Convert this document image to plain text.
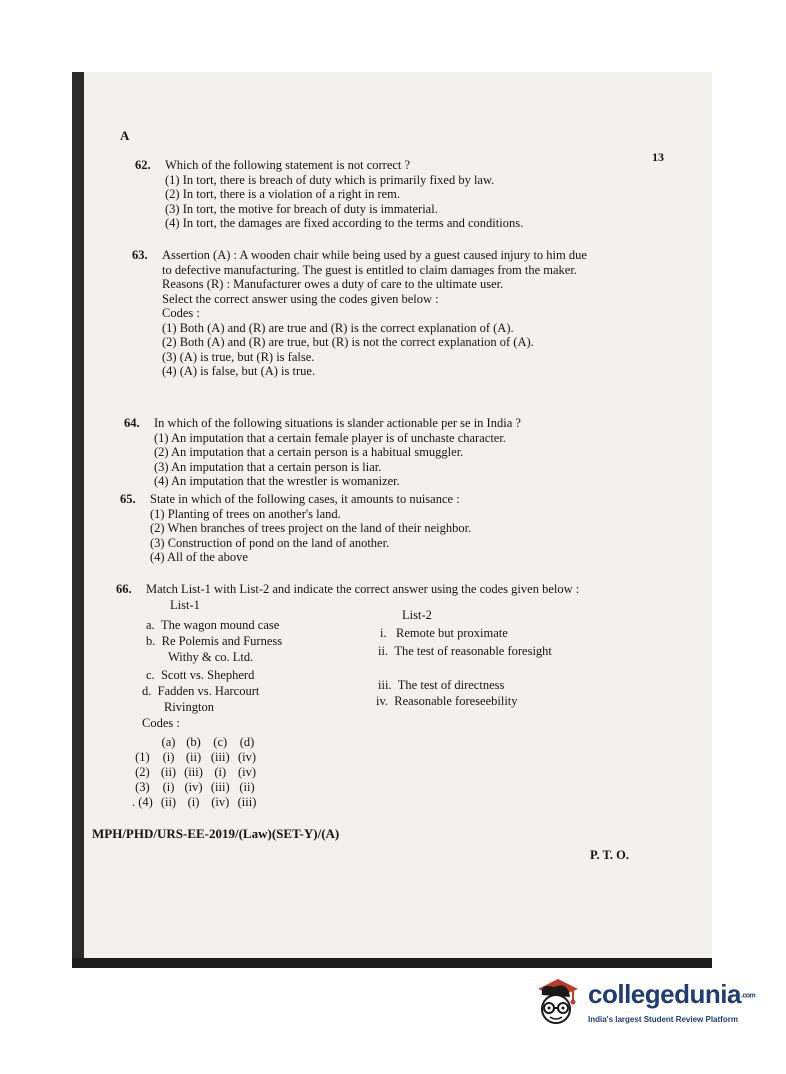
A
13
62. Which of the following statement is not correct ?
(1) In tort, there is breach of duty which is primarily fixed by law.
(2) In tort, there is a violation of a right in rem.
(3) In tort, the motive for breach of duty is immaterial.
(4) In tort, the damages are fixed according to the terms and conditions.
63. Assertion (A) : A wooden chair while being used by a guest caused injury to him due
to defective manufacturing. The guest is entitled to claim damages from the maker.
Reasons (R) : Manufacturer owes a duty of care to the ultimate user.
Select the correct answer using the codes given below :
Codes :
(1) Both (A) and (R) are true and (R) is the correct explanation of (A).
(2) Both (A) and (R) are true, but (R) is not the correct explanation of (A).
(3) (A) is true, but (R) is false.
(4) (A) is false, but (A) is true.
64. In which of the following situations is slander actionable per se in India ?
(1) An imputation that a certain female player is of unchaste character.
(2) An imputation that a certain person is a habitual smuggler.
(3) An imputation that a certain person is liar.
(4) An imputation that the wrestler is womanizer.
65. State in which of the following cases, it amounts to nuisance :
(1) Planting of trees on another's land.
(2) When branches of trees project on the land of their neighbor.
(3) Construction of pond on the land of another.
(4) All of the above
66. Match List-1 with List-2 and indicate the correct answer using the codes given below :
List-1
List-2
a. The wagon mound case
b. Re Polemis and Furness
Withy & co. Ltd.
c. Scott vs. Shepherd
d. Fadden vs. Harcourt
Rivington
i. Remote but proximate
ii. The test of reasonable foresight
iii. The test of directness
iv. Reasonable foreseebility
Codes :
	(a)	(b)	(c)	(d)
(1)	(i)	(ii)	(iii)	(iv)
(2)	(ii)	(iii)	(i)	(iv)
(3)	(i)	(iv)	(iii)	(ii)
. (4)	(ii)	(i)	(iv)	(iii)
MPH/PHD/URS-EE-2019/(Law)(SET-Y)/(A)
P. T. O.
collegedunia.com
India's largest Student Review Platform
